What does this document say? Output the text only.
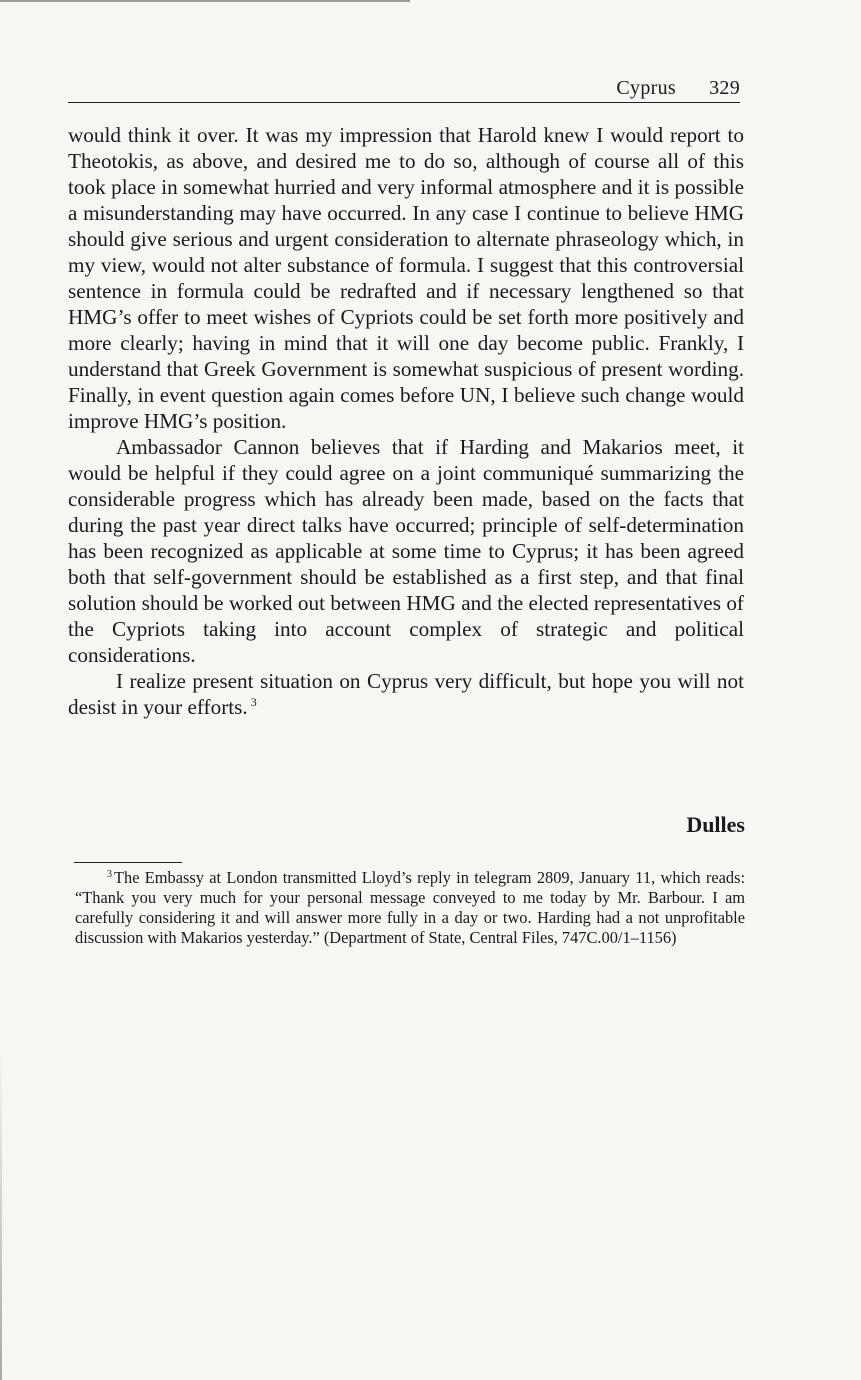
Cyprus 329

would think it over. It was my impression that Harold knew I would report to Theotokis, as above, and desired me to do so, although of course all of this took place in somewhat hurried and very informal atmosphere and it is possible a misunderstanding may have occurred. In any case I continue to believe HMG should give serious and urgent consideration to alternate phraseology which, in my view, would not alter substance of formula. I suggest that this controversial sentence in formula could be redrafted and if necessary lengthened so that HMG’s offer to meet wishes of Cypriots could be set forth more positively and more clearly; having in mind that it will one day become public. Frankly, I understand that Greek Government is somewhat suspicious of present wording. Finally, in event question again comes before UN, I believe such change would improve HMG’s position.

Ambassador Cannon believes that if Harding and Makarios meet, it would be helpful if they could agree on a joint communiqué summarizing the considerable progress which has already been made, based on the facts that during the past year direct talks have occurred; principle of self-determination has been recognized as applicable at some time to Cyprus; it has been agreed both that self-government should be established as a first step, and that final solution should be worked out between HMG and the elected representatives of the Cypriots taking into account complex of strategic and political considerations.

I realize present situation on Cyprus very difficult, but hope you will not desist in your efforts. $^3$

Dulles

$^3$ The Embassy at London transmitted Lloyd’s reply in telegram 2809, January 11, which reads: “Thank you very much for your personal message conveyed to me today by Mr. Barbour. I am carefully considering it and will answer more fully in a day or two. Harding had a not unprofitable discussion with Makarios yesterday.” (Department of State, Central Files, 747C.00/1–1156)
